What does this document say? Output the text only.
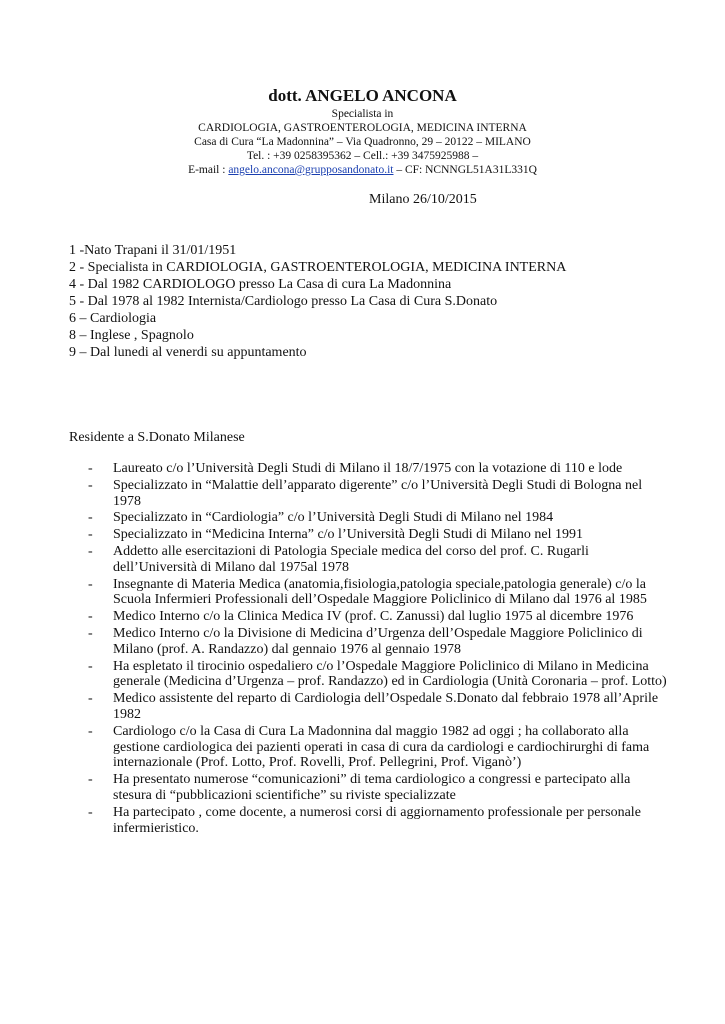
dott. ANGELO ANCONA
Specialista in
CARDIOLOGIA, GASTROENTEROLOGIA, MEDICINA INTERNA
Casa di Cura “La Madonnina” – Via Quadronno, 29 – 20122 – MILANO
Tel. : +39 0258395362 – Cell.: +39 3475925988 –
E-mail : angelo.ancona@grupposandonato.it – CF: NCNNGL51A31L331Q
Milano 26/10/2015
1 -Nato Trapani il 31/01/1951
2 - Specialista in CARDIOLOGIA, GASTROENTEROLOGIA, MEDICINA INTERNA
4 - Dal 1982 CARDIOLOGO presso La Casa di cura La Madonnina
5 - Dal 1978 al 1982 Internista/Cardiologo presso La Casa di Cura S.Donato
6 – Cardiologia
8 – Inglese , Spagnolo
9 – Dal lunedi al venerdi su appuntamento
Residente a S.Donato Milanese
- Laureato c/o l’Università Degli Studi di Milano il 18/7/1975 con la votazione di 110 e lode
- Specializzato in “Malattie dell’apparato digerente” c/o l’Università Degli Studi di Bologna nel 1978
- Specializzato in “Cardiologia” c/o l’Università Degli Studi di Milano nel 1984
- Specializzato in “Medicina Interna” c/o l’Università Degli Studi di Milano nel 1991
- Addetto alle esercitazioni di Patologia Speciale medica del corso del prof. C. Rugarli dell’Università di Milano dal 1975al 1978
- Insegnante di Materia Medica (anatomia,fisiologia,patologia speciale,patologia generale) c/o la Scuola Infermieri Professionali dell’Ospedale Maggiore Policlinico di Milano dal 1976 al 1985
- Medico Interno c/o la Clinica Medica IV (prof. C. Zanussi) dal luglio 1975 al dicembre 1976
- Medico Interno c/o la Divisione di Medicina d’Urgenza dell’Ospedale Maggiore Policlinico di Milano (prof. A. Randazzo) dal gennaio 1976 al gennaio 1978
- Ha espletato il tirocinio ospedaliero c/o l’Ospedale Maggiore Policlinico di Milano in Medicina generale (Medicina d’Urgenza – prof. Randazzo) ed in Cardiologia (Unità Coronaria – prof. Lotto)
- Medico assistente del reparto di Cardiologia dell’Ospedale S.Donato dal febbraio 1978 all’Aprile 1982
- Cardiologo c/o la Casa di Cura La Madonnina dal maggio 1982 ad oggi ; ha collaborato alla gestione cardiologica dei pazienti operati in casa di cura da cardiologi e cardiochirurghi di fama internazionale (Prof. Lotto, Prof. Rovelli, Prof. Pellegrini, Prof. Viganò’)
- Ha presentato numerose “comunicazioni” di tema cardiologico a congressi e partecipato alla stesura di “pubblicazioni scientifiche” su riviste specializzate
- Ha partecipato , come docente, a numerosi corsi di aggiornamento professionale per personale infermieristico.
